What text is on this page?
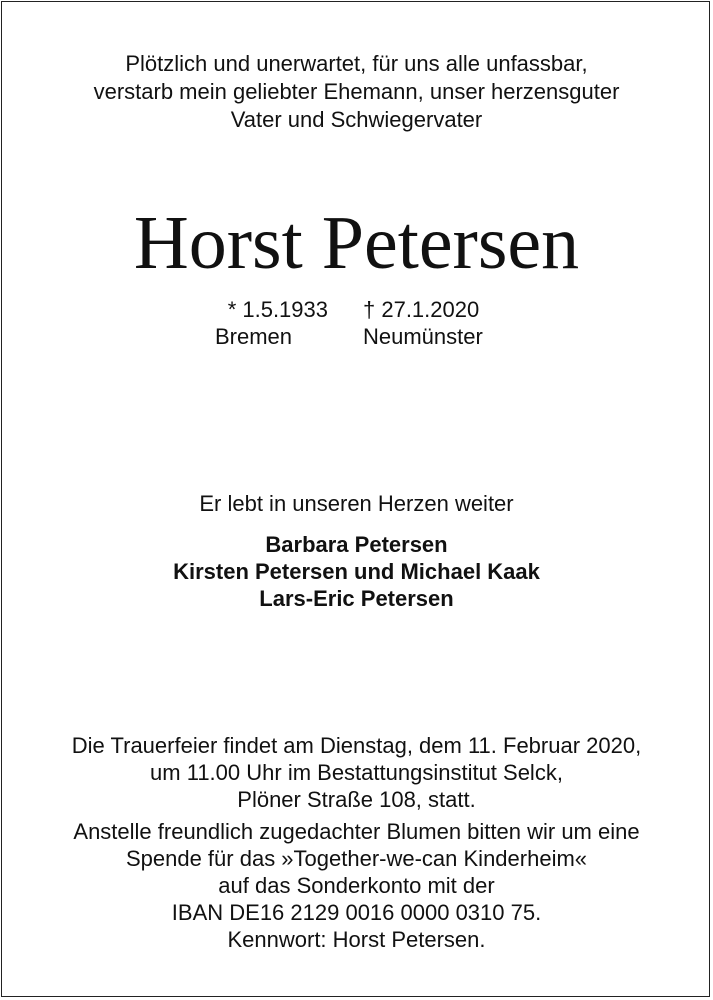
Plötzlich und unerwartet, für uns alle unfassbar,
verstarb mein geliebter Ehemann, unser herzensguter
Vater und Schwiegervater
Horst Petersen
* 1.5.1933
Bremen
† 27.1.2020
Neumünster
Er lebt in unseren Herzen weiter
Barbara Petersen
Kirsten Petersen und Michael Kaak
Lars-Eric Petersen
Die Trauerfeier findet am Dienstag, dem 11. Februar 2020,
um 11.00 Uhr im Bestattungsinstitut Selck,
Plöner Straße 108, statt.
Anstelle freundlich zugedachter Blumen bitten wir um eine
Spende für das »Together-we-can Kinderheim«
auf das Sonderkonto mit der
IBAN DE16 2129 0016 0000 0310 75.
Kennwort: Horst Petersen.
